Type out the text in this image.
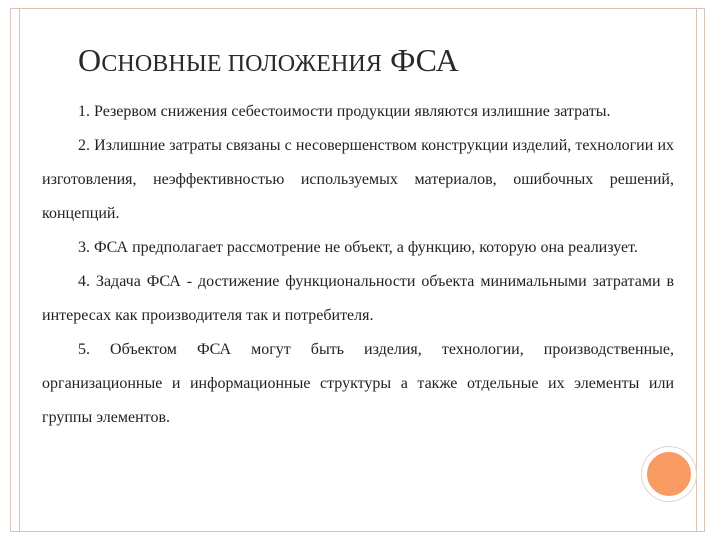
ОСНОВНЫЕ ПОЛОЖЕНИЯ ФСА

1. Резервом снижения себестоимости продукции являются излишние затраты.

2. Излишние затраты связаны с несовершенством конструкции изделий, технологии их изготовления, неэффективностью используемых материалов, ошибочных решений, концепций.

3. ФСА предполагает рассмотрение не объект, а функцию, которую она реализует.

4. Задача ФСА - достижение функциональности объекта минимальными затратами в интересах как производителя так и потребителя.

5. Объектом ФСА могут быть изделия, технологии, производственные, организационные и информационные структуры а также отдельные их элементы или группы элементов.
